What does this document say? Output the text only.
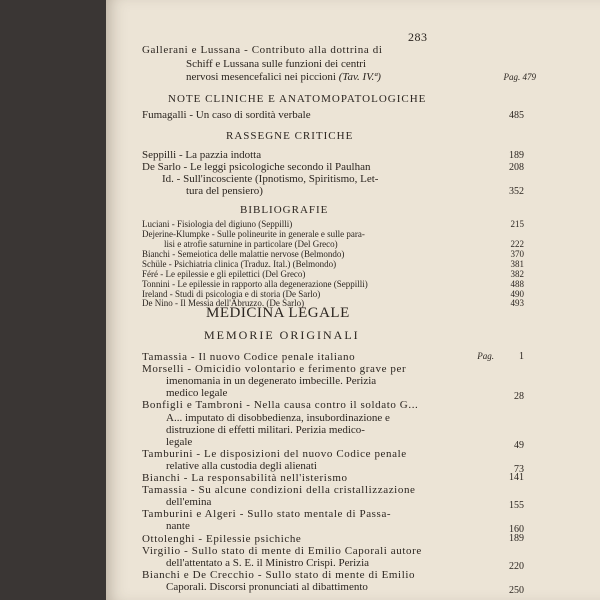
283
Gallerani e Lussana - Contributo alla dottrina di
Schiff e Lussana sulle funzioni dei centri
nervosi mesencefalici nei piccioni (Tav. IV.ª)	Pag. 479
NOTE CLINICHE E ANATOMOPATOLOGICHE
Fumagalli - Un caso di sordità verbale	485
RASSEGNE CRITICHE
Seppilli - La pazzia indotta	189
De Sarlo - Le leggi psicologiche secondo il Paulhan	208
Id. - Sull'incosciente (Ipnotismo, Spiritismo, Let-
tura del pensiero)	352
BIBLIOGRAFIE
Luciani - Fisiologia del digiuno (Seppilli)	215
Dejerine-Klumpke - Sulle polineurite in generale e sulle para-
lisi e atrofie saturnine in particolare (Del Greco)	222
Bianchi - Semeiotica delle malattie nervose (Belmondo)	370
Schüle - Psichiatria clinica (Traduz. Ital.) (Belmondo)	381
Féré - Le epilessie e gli epilettici (Del Greco)	382
Tonnini - Le epilessie in rapporto alla degenerazione (Seppilli)	488
Ireland - Studi di psicologia e di storia (De Sarlo)	490
De Nino - Il Messia dell'Abruzzo. (De Sarlo)	493
MEDICINA LEGALE
MEMORIE ORIGINALI
Pag.
Tamassia - Il nuovo Codice penale italiano	1
Morselli - Omicidio volontario e ferimento grave per
imenomania in un degenerato imbecille. Perizia
medico legale	28
Bonfigli e Tambroni - Nella causa contro il soldato G...
A... imputato di disobbedienza, insubordinazione e
distruzione di effetti militari. Perizia medico-
legale	49
Tamburini - Le disposizioni del nuovo Codice penale
relative alla custodia degli alienati	73
Bianchi - La responsabilità nell'isterismo	141
Tamassia - Su alcune condizioni della cristallizzazione
dell'emina	155
Tamburini e Algeri - Sullo stato mentale di Passa-
nante	160
Ottolenghi - Epilessie psichiche	189
Virgilio - Sullo stato di mente di Emilio Caporali autore
dell'attentato a S. E. il Ministro Crispi. Perizia	220
Bianchi e De Crecchio - Sullo stato di mente di Emilio
Caporali. Discorsi pronunciati al dibattimento	250
